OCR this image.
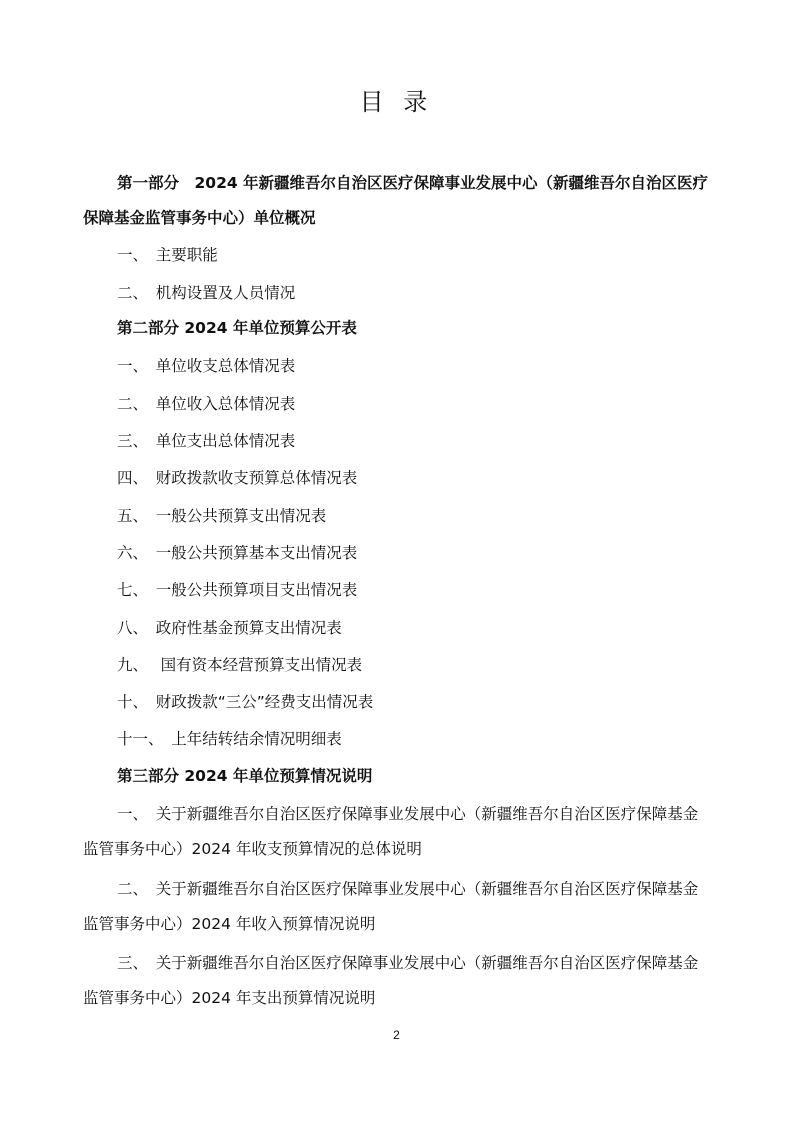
目 录
第一部分　2024 年新疆维吾尔自治区医疗保障事业发展中心（新疆维吾尔自治区医疗保障基金监管事务中心）单位概况
一、　主要职能
二、　机构设置及人员情况
第二部分 2024 年单位预算公开表
一、　单位收支总体情况表
二、　单位收入总体情况表
三、　单位支出总体情况表
四、　财政拨款收支预算总体情况表
五、　一般公共预算支出情况表
六、　一般公共预算基本支出情况表
七、　一般公共预算项目支出情况表
八、　政府性基金预算支出情况表
九、　 国有资本经营预算支出情况表
十、　财政拨款“三公”经费支出情况表
十一、　上年结转结余情况明细表
第三部分 2024 年单位预算情况说明
一、　关于新疆维吾尔自治区医疗保障事业发展中心（新疆维吾尔自治区医疗保障基金监管事务中心）2024 年收支预算情况的总体说明
二、　关于新疆维吾尔自治区医疗保障事业发展中心（新疆维吾尔自治区医疗保障基金监管事务中心）2024 年收入预算情况说明
三、　关于新疆维吾尔自治区医疗保障事业发展中心（新疆维吾尔自治区医疗保障基金监管事务中心）2024 年支出预算情况说明
2
